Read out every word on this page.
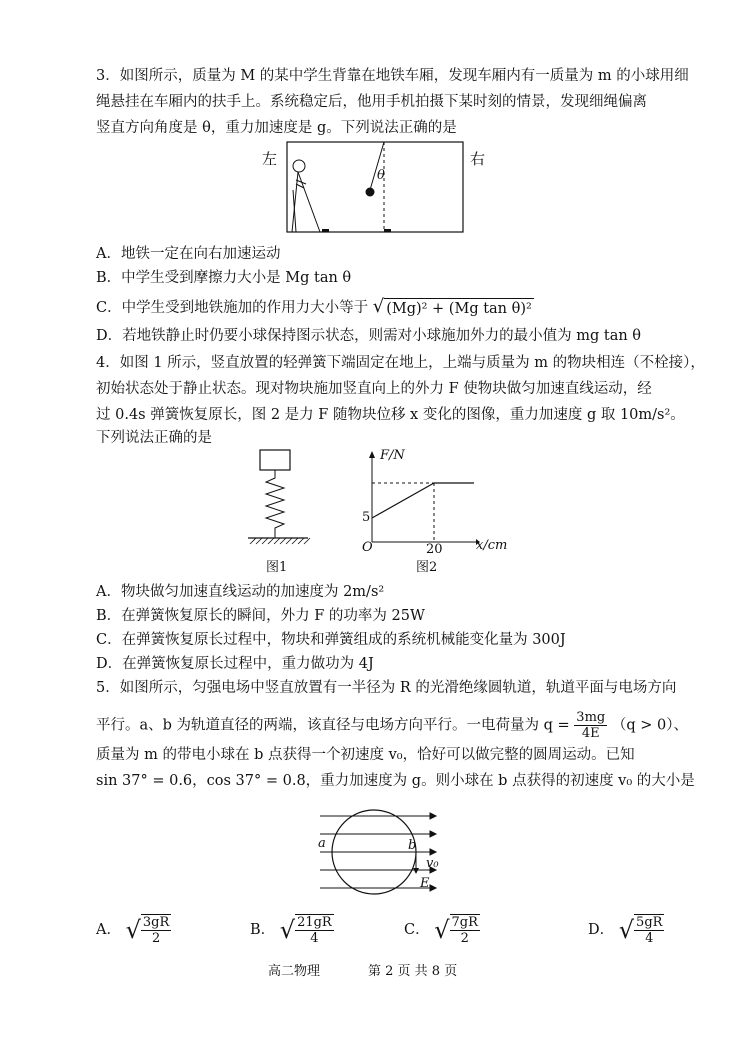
3．如图所示，质量为 M 的某中学生背靠在地铁车厢，发现车厢内有一质量为 m 的小球用细
绳悬挂在车厢内的扶手上。系统稳定后，他用手机拍摄下某时刻的情景，发现细绳偏离
竖直方向角度是 θ，重力加速度是 g。下列说法正确的是
左	右
θ
A．地铁一定在向右加速运动
B．中学生受到摩擦力大小是 Mg tan θ
C．中学生受到地铁施加的作用力大小等于 √ (Mg)² + (Mg tan θ)²
D．若地铁静止时仍要小球保持图示状态，则需对小球施加外力的最小值为 mg tan θ
4．如图 1 所示，竖直放置的轻弹簧下端固定在地上，上端与质量为 m 的物块相连（不栓接），
初始状态处于静止状态。现对物块施加竖直向上的外力 F 使物块做匀加速直线运动，经
过 0.4s 弹簧恢复原长，图 2 是力 F 随物块位移 x 变化的图像，重力加速度 g 取 10m/s²。
下列说法正确的是
图1
F/N
x/cm
O
5
20
图2
A．物块做匀加速直线运动的加速度为 2m/s²
B．在弹簧恢复原长的瞬间，外力 F 的功率为 25W
C．在弹簧恢复原长过程中，物块和弹簧组成的系统机械能变化量为 300J
D．在弹簧恢复原长过程中，重力做功为 4J
5．如图所示，匀强电场中竖直放置有一半径为 R 的光滑绝缘圆轨道，轨道平面与电场方向
平行。a、b 为轨道直径的两端，该直径与电场方向平行。一电荷量为 $q = \frac{3mg}{4E} (q > 0)$、
质量为 m 的带电小球在 b 点获得一个初速度 v₀，恰好可以做完整的圆周运动。已知
sin 37° = 0.6，cos 37° = 0.8，重力加速度为 g。则小球在 b 点获得的初速度 v₀ 的大小是
a	b
v₀
E
A． √ $\frac{3gR}{2}$	B． √ $\frac{21gR}{4}$	C． √ $\frac{7gR}{2}$	D． √ $\frac{5gR}{4}$
高二物理	第 2 页 共 8 页
